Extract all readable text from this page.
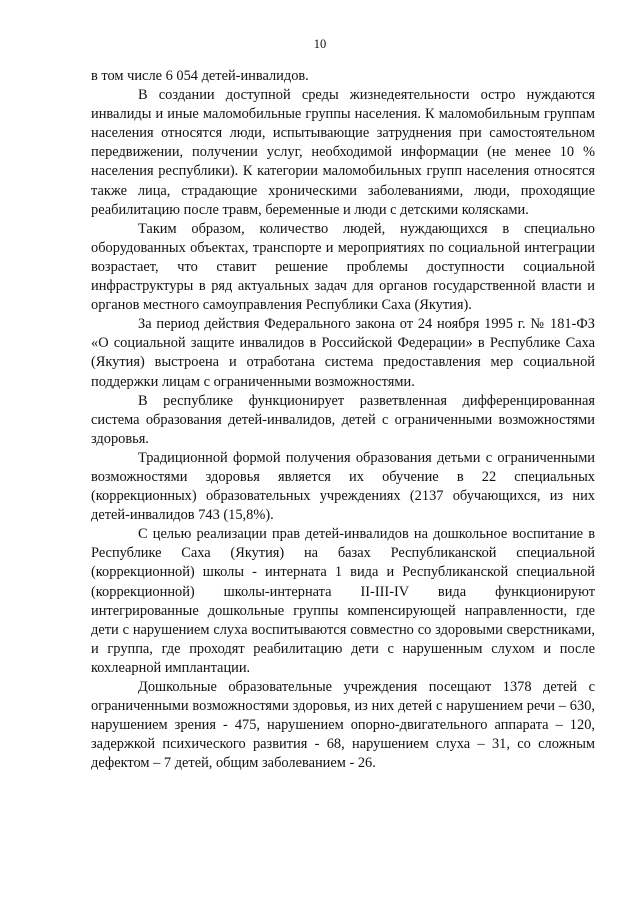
10

в том числе 6 054 детей-инвалидов.

В создании доступной среды жизнедеятельности остро нуждаются инвалиды и иные маломобильные группы населения. К маломобильным группам населения относятся люди, испытывающие затруднения при самостоятельном передвижении, получении услуг, необходимой информации (не менее 10 % населения республики). К категории маломобильных групп населения относятся также лица, страдающие хроническими заболеваниями, люди, проходящие реабилитацию после травм, беременные и люди с детскими колясками.

Таким образом, количество людей, нуждающихся в специально оборудованных объектах, транспорте и мероприятиях по социальной интеграции возрастает, что ставит решение проблемы доступности социальной инфраструктуры в ряд актуальных задач для органов государственной власти и органов местного самоуправления Республики Саха (Якутия).

За период действия Федерального закона от 24 ноября 1995 г. № 181-ФЗ «О социальной защите инвалидов в Российской Федерации» в Республике Саха (Якутия) выстроена и отработана система предоставления мер социальной поддержки лицам с ограниченными возможностями.

В республике функционирует разветвленная дифференцированная система образования детей-инвалидов, детей с ограниченными возможностями здоровья.

Традиционной формой получения образования детьми с ограниченными возможностями здоровья является их обучение в 22 специальных (коррекционных) образовательных учреждениях (2137 обучающихся, из них детей-инвалидов 743 (15,8%).

С целью реализации прав детей-инвалидов на дошкольное воспитание в Республике Саха (Якутия) на базах Республиканской специальной (коррекционной) школы - интерната 1 вида и Республиканской специальной (коррекционной) школы-интерната II-III-IV вида функционируют интегрированные дошкольные группы компенсирующей направленности, где дети с нарушением слуха воспитываются совместно со здоровыми сверстниками, и группа, где проходят реабилитацию дети с нарушенным слухом и после кохлеарной имплантации.

Дошкольные образовательные учреждения посещают 1378 детей с ограниченными возможностями здоровья, из них детей с нарушением речи – 630, нарушением зрения - 475, нарушением опорно-двигательного аппарата – 120, задержкой психического развития - 68, нарушением слуха – 31, со сложным дефектом – 7 детей, общим заболеванием - 26.
